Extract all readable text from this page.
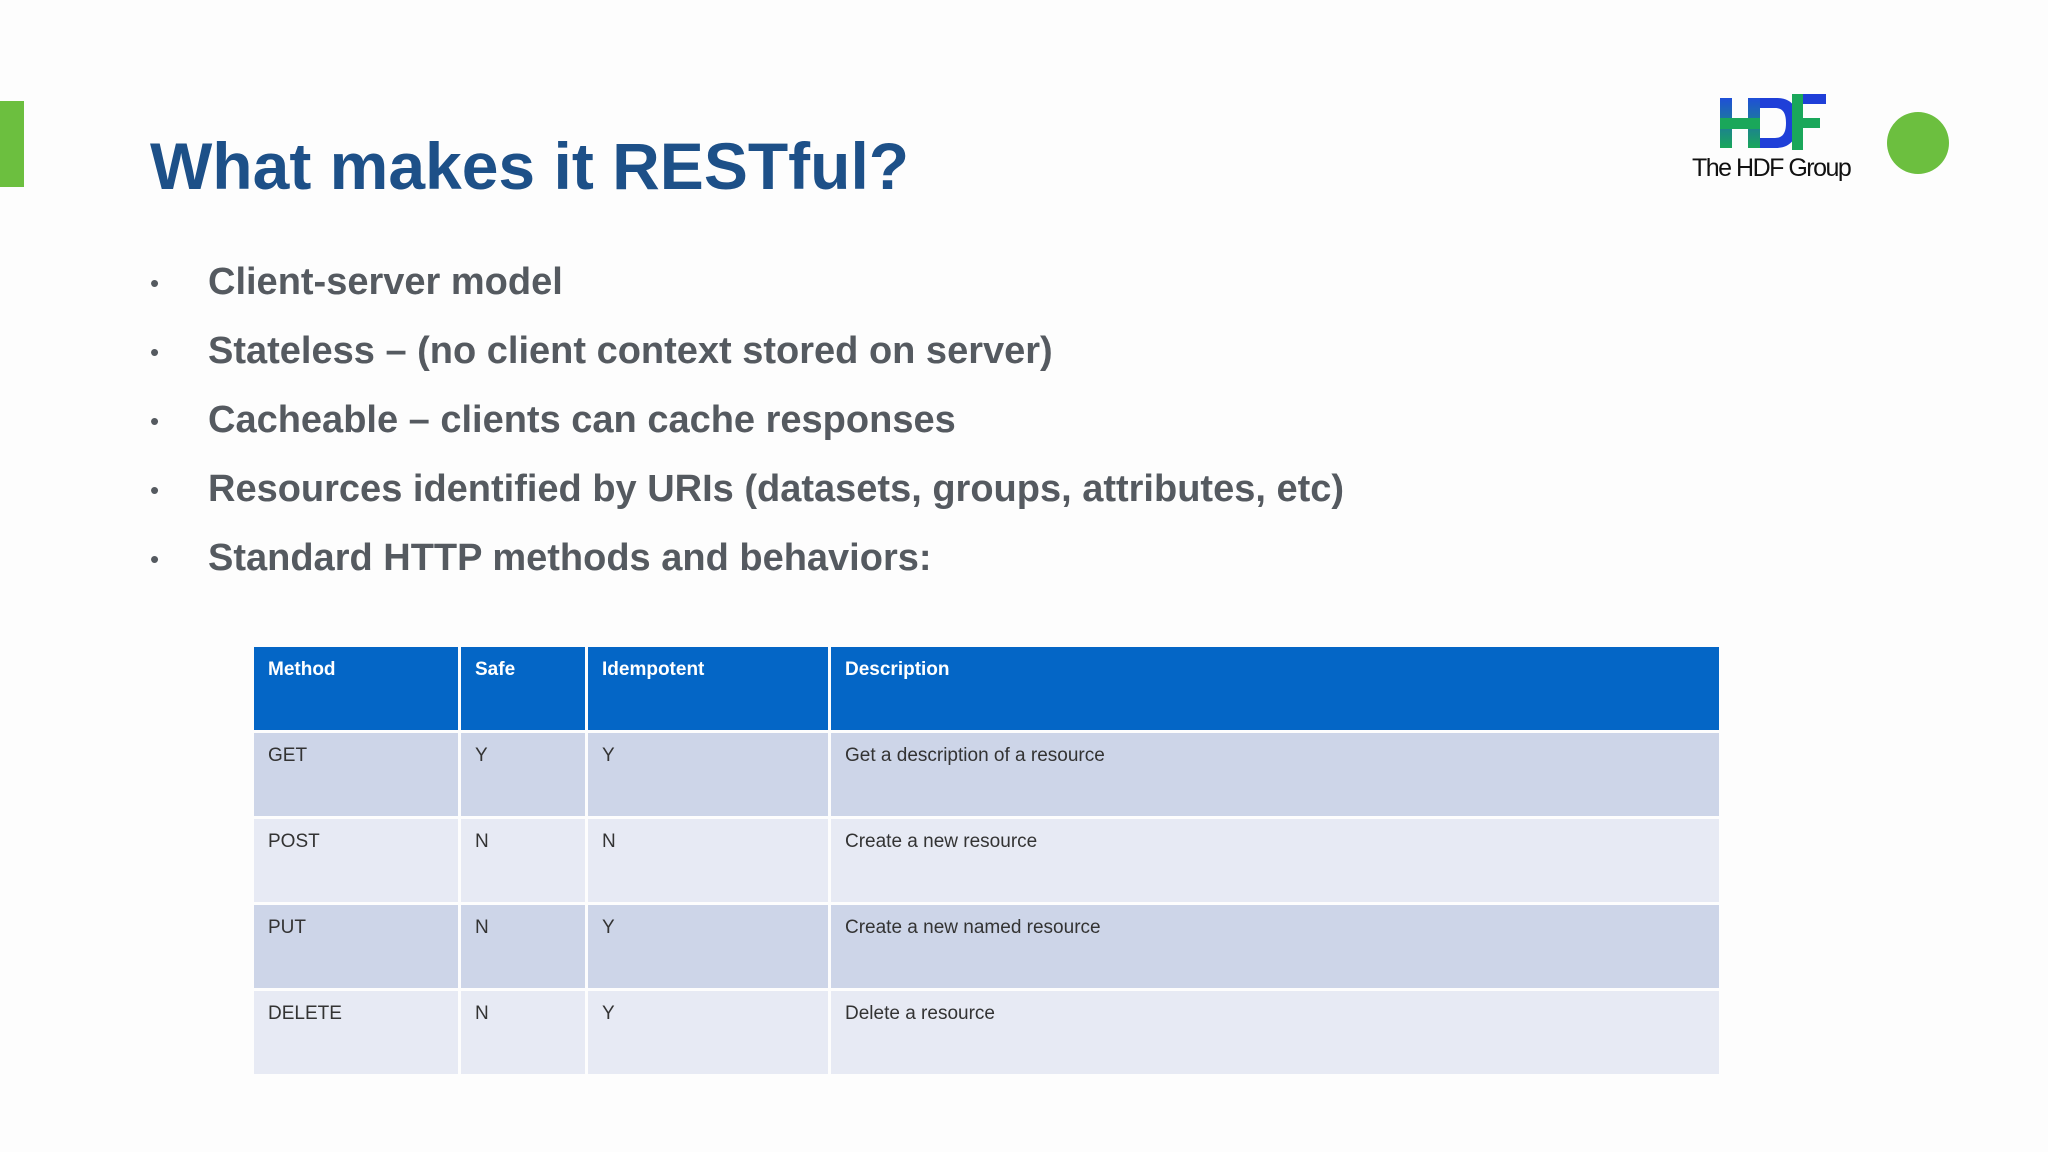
What makes it RESTful?	The HDF Group
• Client-server model
• Stateless – (no client context stored on server)
• Cacheable – clients can cache responses
• Resources identified by URIs (datasets, groups, attributes, etc)
• Standard HTTP methods and behaviors:
Method	Safe	Idempotent	Description
GET	Y	Y	Get a description of a resource
POST	N	N	Create a new resource
PUT	N	Y	Create a new named resource
DELETE	N	Y	Delete a resource
